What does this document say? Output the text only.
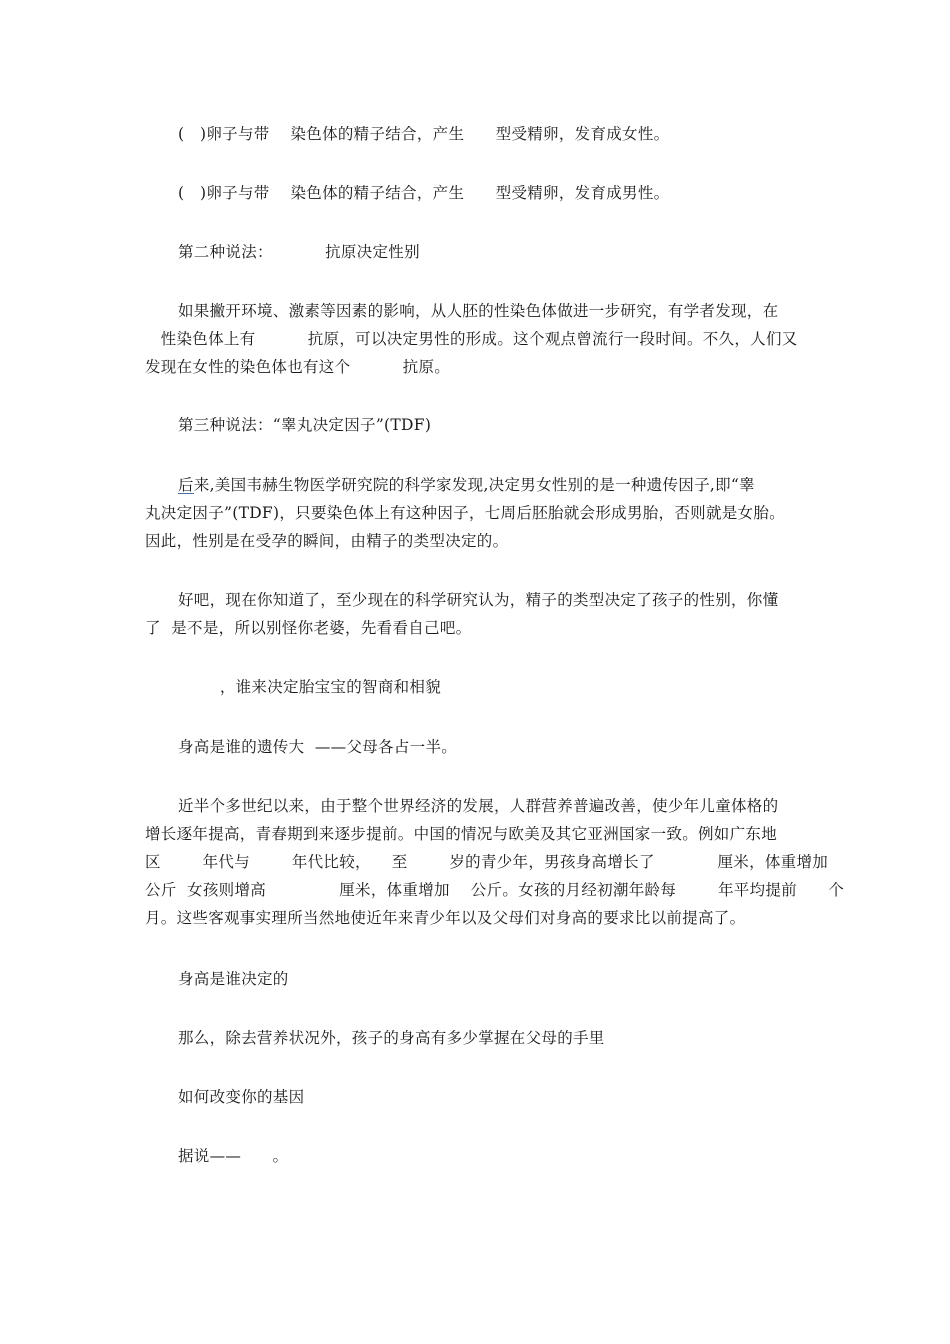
(   )卵子与带    染色体的精子结合，产生      型受精卵，发育成女性。
(   )卵子与带    染色体的精子结合，产生      型受精卵，发育成男性。
第二种说法：          抗原决定性别
如果撇开环境、激素等因素的影响，从人胚的性染色体做进一步研究，有学者发现，在
性染色体上有          抗原，可以决定男性的形成。这个观点曾流行一段时间。不久，人们又
发现在女性的染色体也有这个          抗原。
第三种说法：“睾丸决定因子”(TDF)
后来,美国韦赫生物医学研究院的科学家发现,决定男女性别的是一种遗传因子,即“睾
丸决定因子”(TDF)，只要染色体上有这种因子，七周后胚胎就会形成男胎，否则就是女胎。
因此，性别是在受孕的瞬间，由精子的类型决定的。
好吧，现在你知道了，至少现在的科学研究认为，精子的类型决定了孩子的性别，你懂
了  是不是，所以别怪你老婆，先看看自己吧。
，谁来决定胎宝宝的智商和相貌
身高是谁的遗传大  ——父母各占一半。
近半个多世纪以来，由于整个世界经济的发展，人群营养普遍改善，使少年儿童体格的
增长逐年提高，青春期到来逐步提前。中国的情况与欧美及其它亚洲国家一致。例如广东地
区        年代与        年代比较，    至        岁的青少年，男孩身高增长了            厘米，体重增加
公斤  女孩则增高              厘米，体重增加    公斤。女孩的月经初潮年龄每        年平均提前      个
月。这些客观事实理所当然地使近年来青少年以及父母们对身高的要求比以前提高了。
身高是谁决定的
那么，除去营养状况外，孩子的身高有多少掌握在父母的手里
如何改变你的基因
据说——      。
